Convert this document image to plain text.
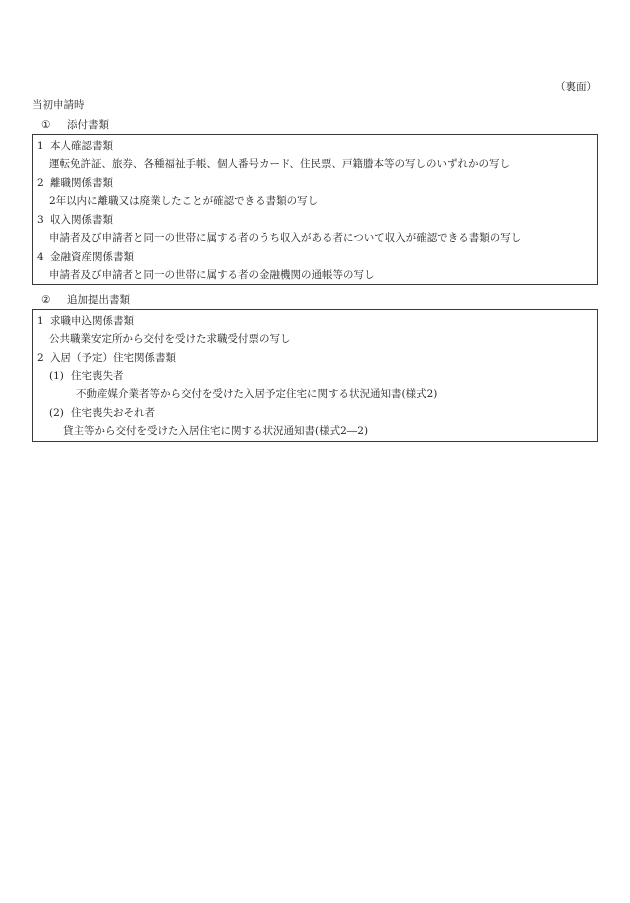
（裏面）
当初申請時
① 添付書類
1 本人確認書類
運転免許証、旅券、各種福祉手帳、個人番号カード、住民票、戸籍謄本等の写しのいずれかの写し
2 離職関係書類
2年以内に離職又は廃業したことが確認できる書類の写し
3 収入関係書類
申請者及び申請者と同一の世帯に属する者のうち収入がある者について収入が確認できる書類の写し
4 金融資産関係書類
申請者及び申請者と同一の世帯に属する者の金融機関の通帳等の写し
② 追加提出書類
1 求職申込関係書類
公共職業安定所から交付を受けた求職受付票の写し
2 入居（予定）住宅関係書類
(1) 住宅喪失者
不動産媒介業者等から交付を受けた入居予定住宅に関する状況通知書(様式2)
(2) 住宅喪失おそれ者
貸主等から交付を受けた入居住宅に関する状況通知書(様式2―2)
